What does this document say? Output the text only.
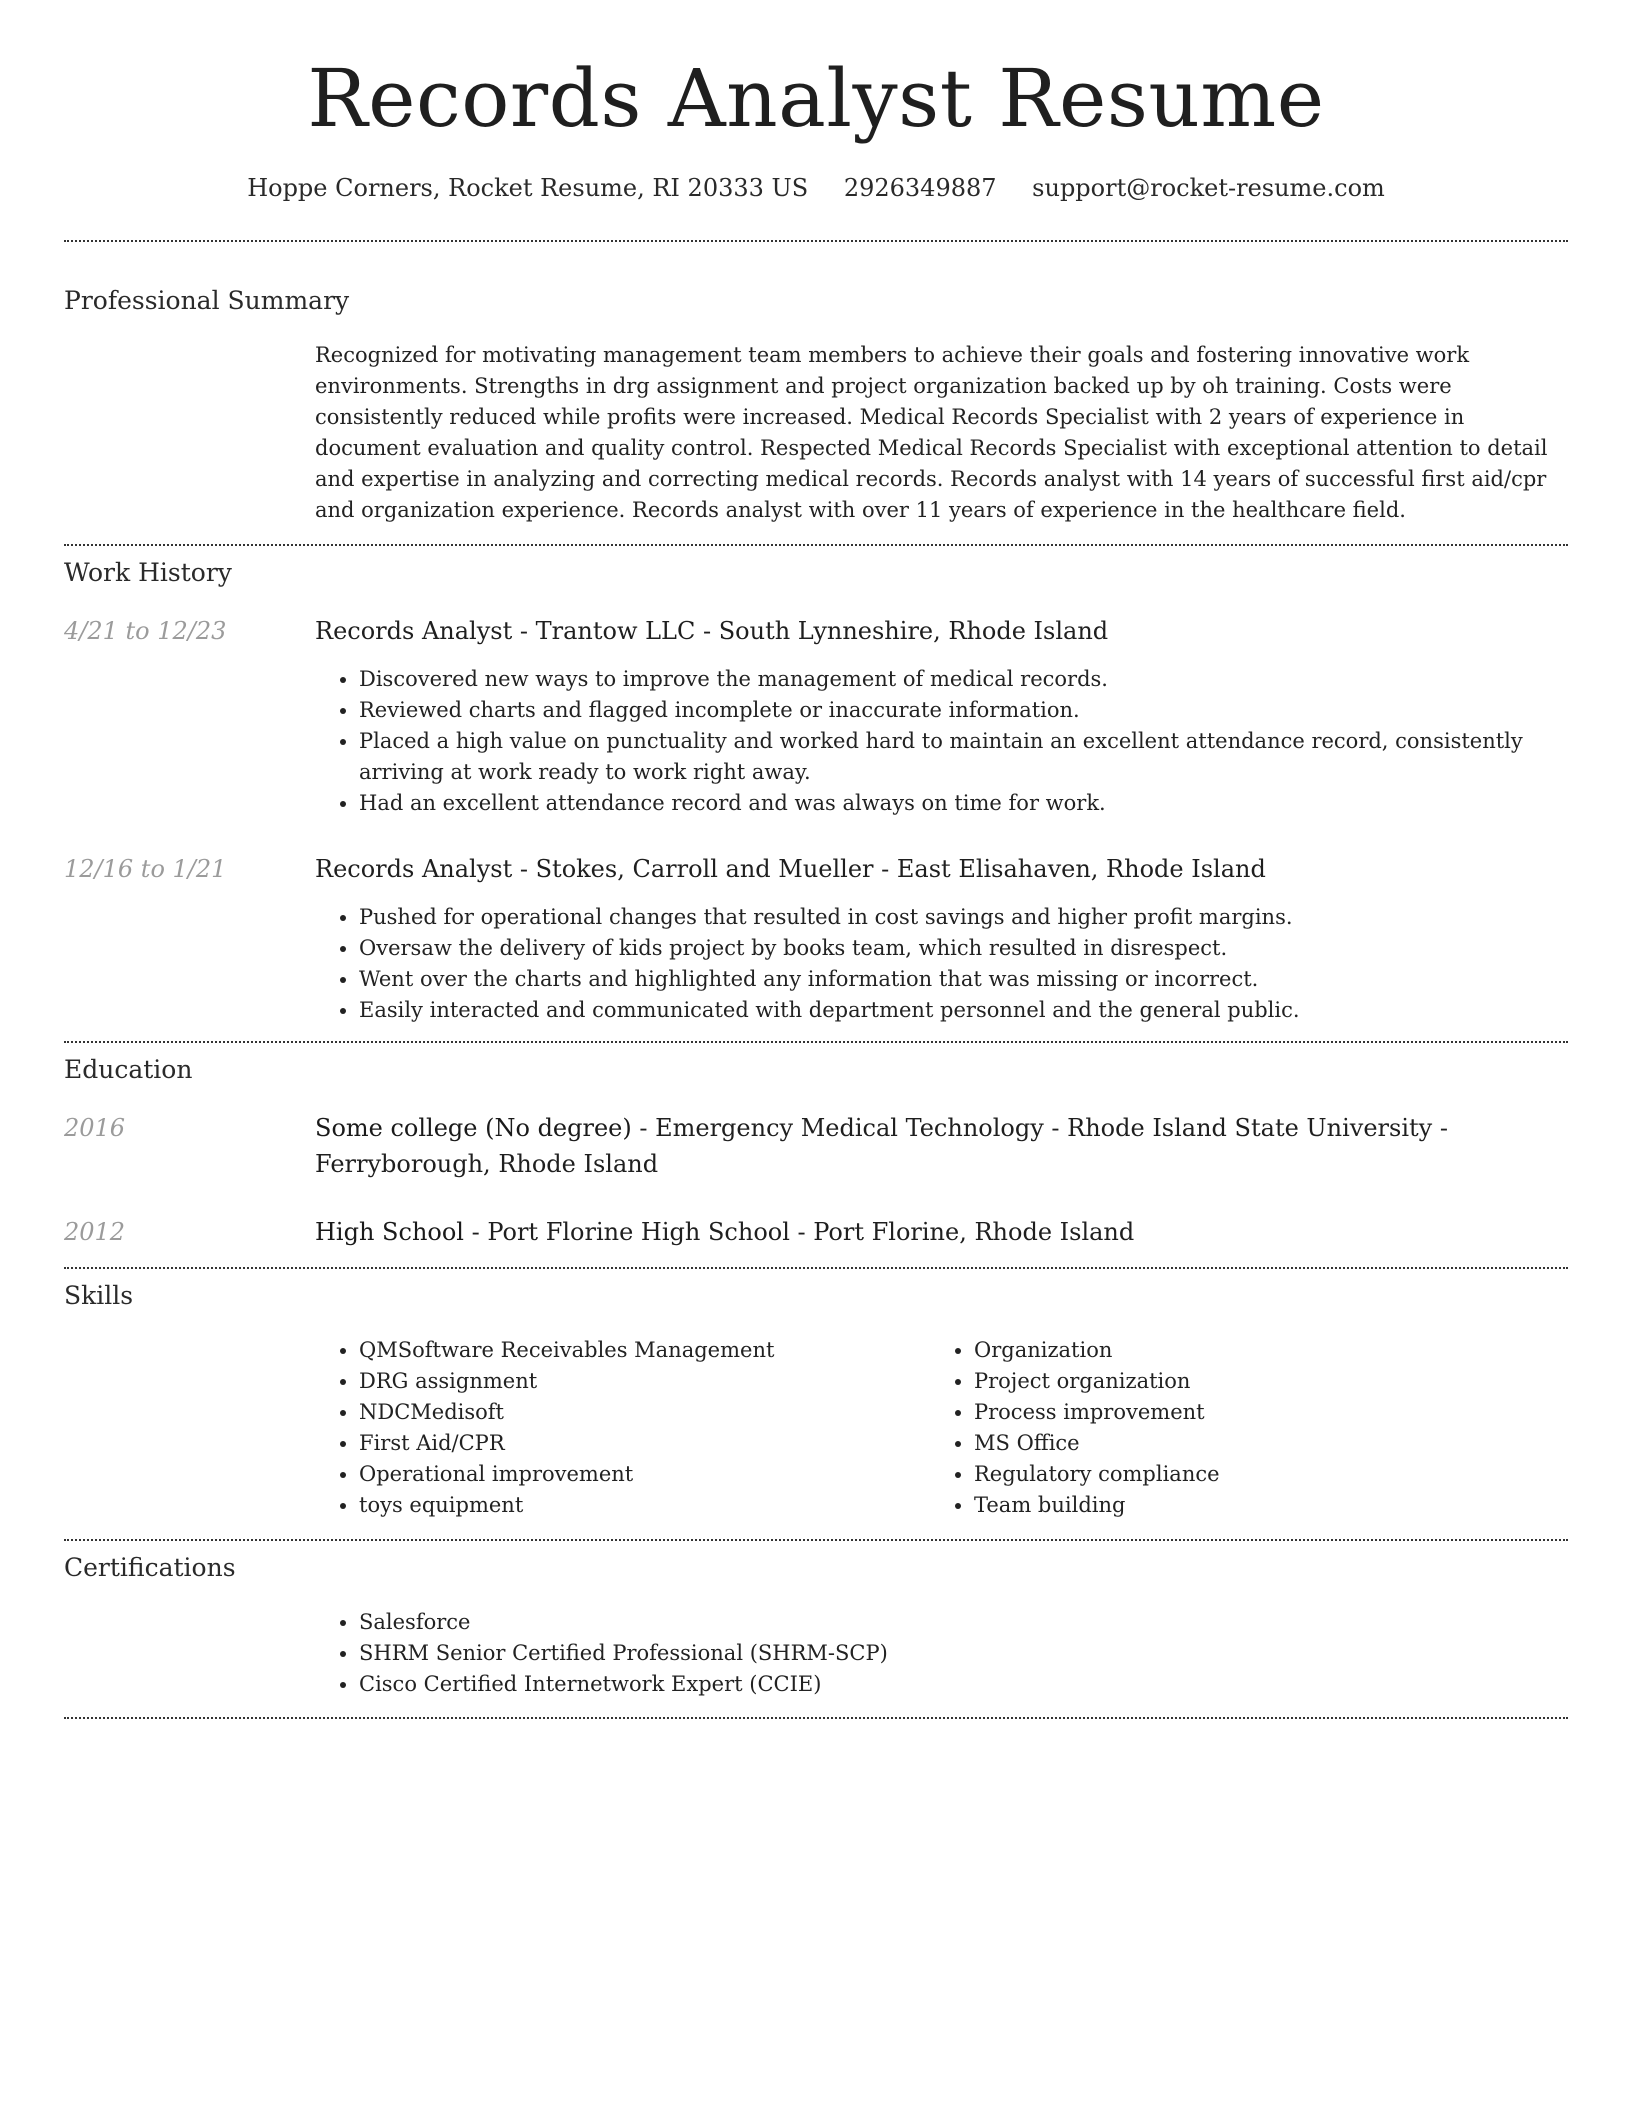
Records Analyst Resume
Hoppe Corners, Rocket Resume, RI 20333 US 2926349887 support@rocket-resume.com
Professional Summary
Recognized for motivating management team members to achieve their goals and fostering innovative work environments. Strengths in drg assignment and project organization backed up by oh training. Costs were consistently reduced while profits were increased. Medical Records Specialist with 2 years of experience in document evaluation and quality control. Respected Medical Records Specialist with exceptional attention to detail and expertise in analyzing and correcting medical records. Records analyst with 14 years of successful first aid/cpr and organization experience. Records analyst with over 11 years of experience in the healthcare field.
Work History
4/21 to 12/23	Records Analyst - Trantow LLC - South Lynneshire, Rhode Island
• Discovered new ways to improve the management of medical records.
• Reviewed charts and flagged incomplete or inaccurate information.
• Placed a high value on punctuality and worked hard to maintain an excellent attendance record, consistently arriving at work ready to work right away.
• Had an excellent attendance record and was always on time for work.
12/16 to 1/21	Records Analyst - Stokes, Carroll and Mueller - East Elisahaven, Rhode Island
• Pushed for operational changes that resulted in cost savings and higher profit margins.
• Oversaw the delivery of kids project by books team, which resulted in disrespect.
• Went over the charts and highlighted any information that was missing or incorrect.
• Easily interacted and communicated with department personnel and the general public.
Education
2016	Some college (No degree) - Emergency Medical Technology - Rhode Island State University - Ferryborough, Rhode Island
2012	High School - Port Florine High School - Port Florine, Rhode Island
Skills
• QMSoftware Receivables Management
• DRG assignment
• NDCMedisoft
• First Aid/CPR
• Operational improvement
• toys equipment
• Organization
• Project organization
• Process improvement
• MS Office
• Regulatory compliance
• Team building
Certifications
• Salesforce
• SHRM Senior Certified Professional (SHRM-SCP)
• Cisco Certified Internetwork Expert (CCIE)
